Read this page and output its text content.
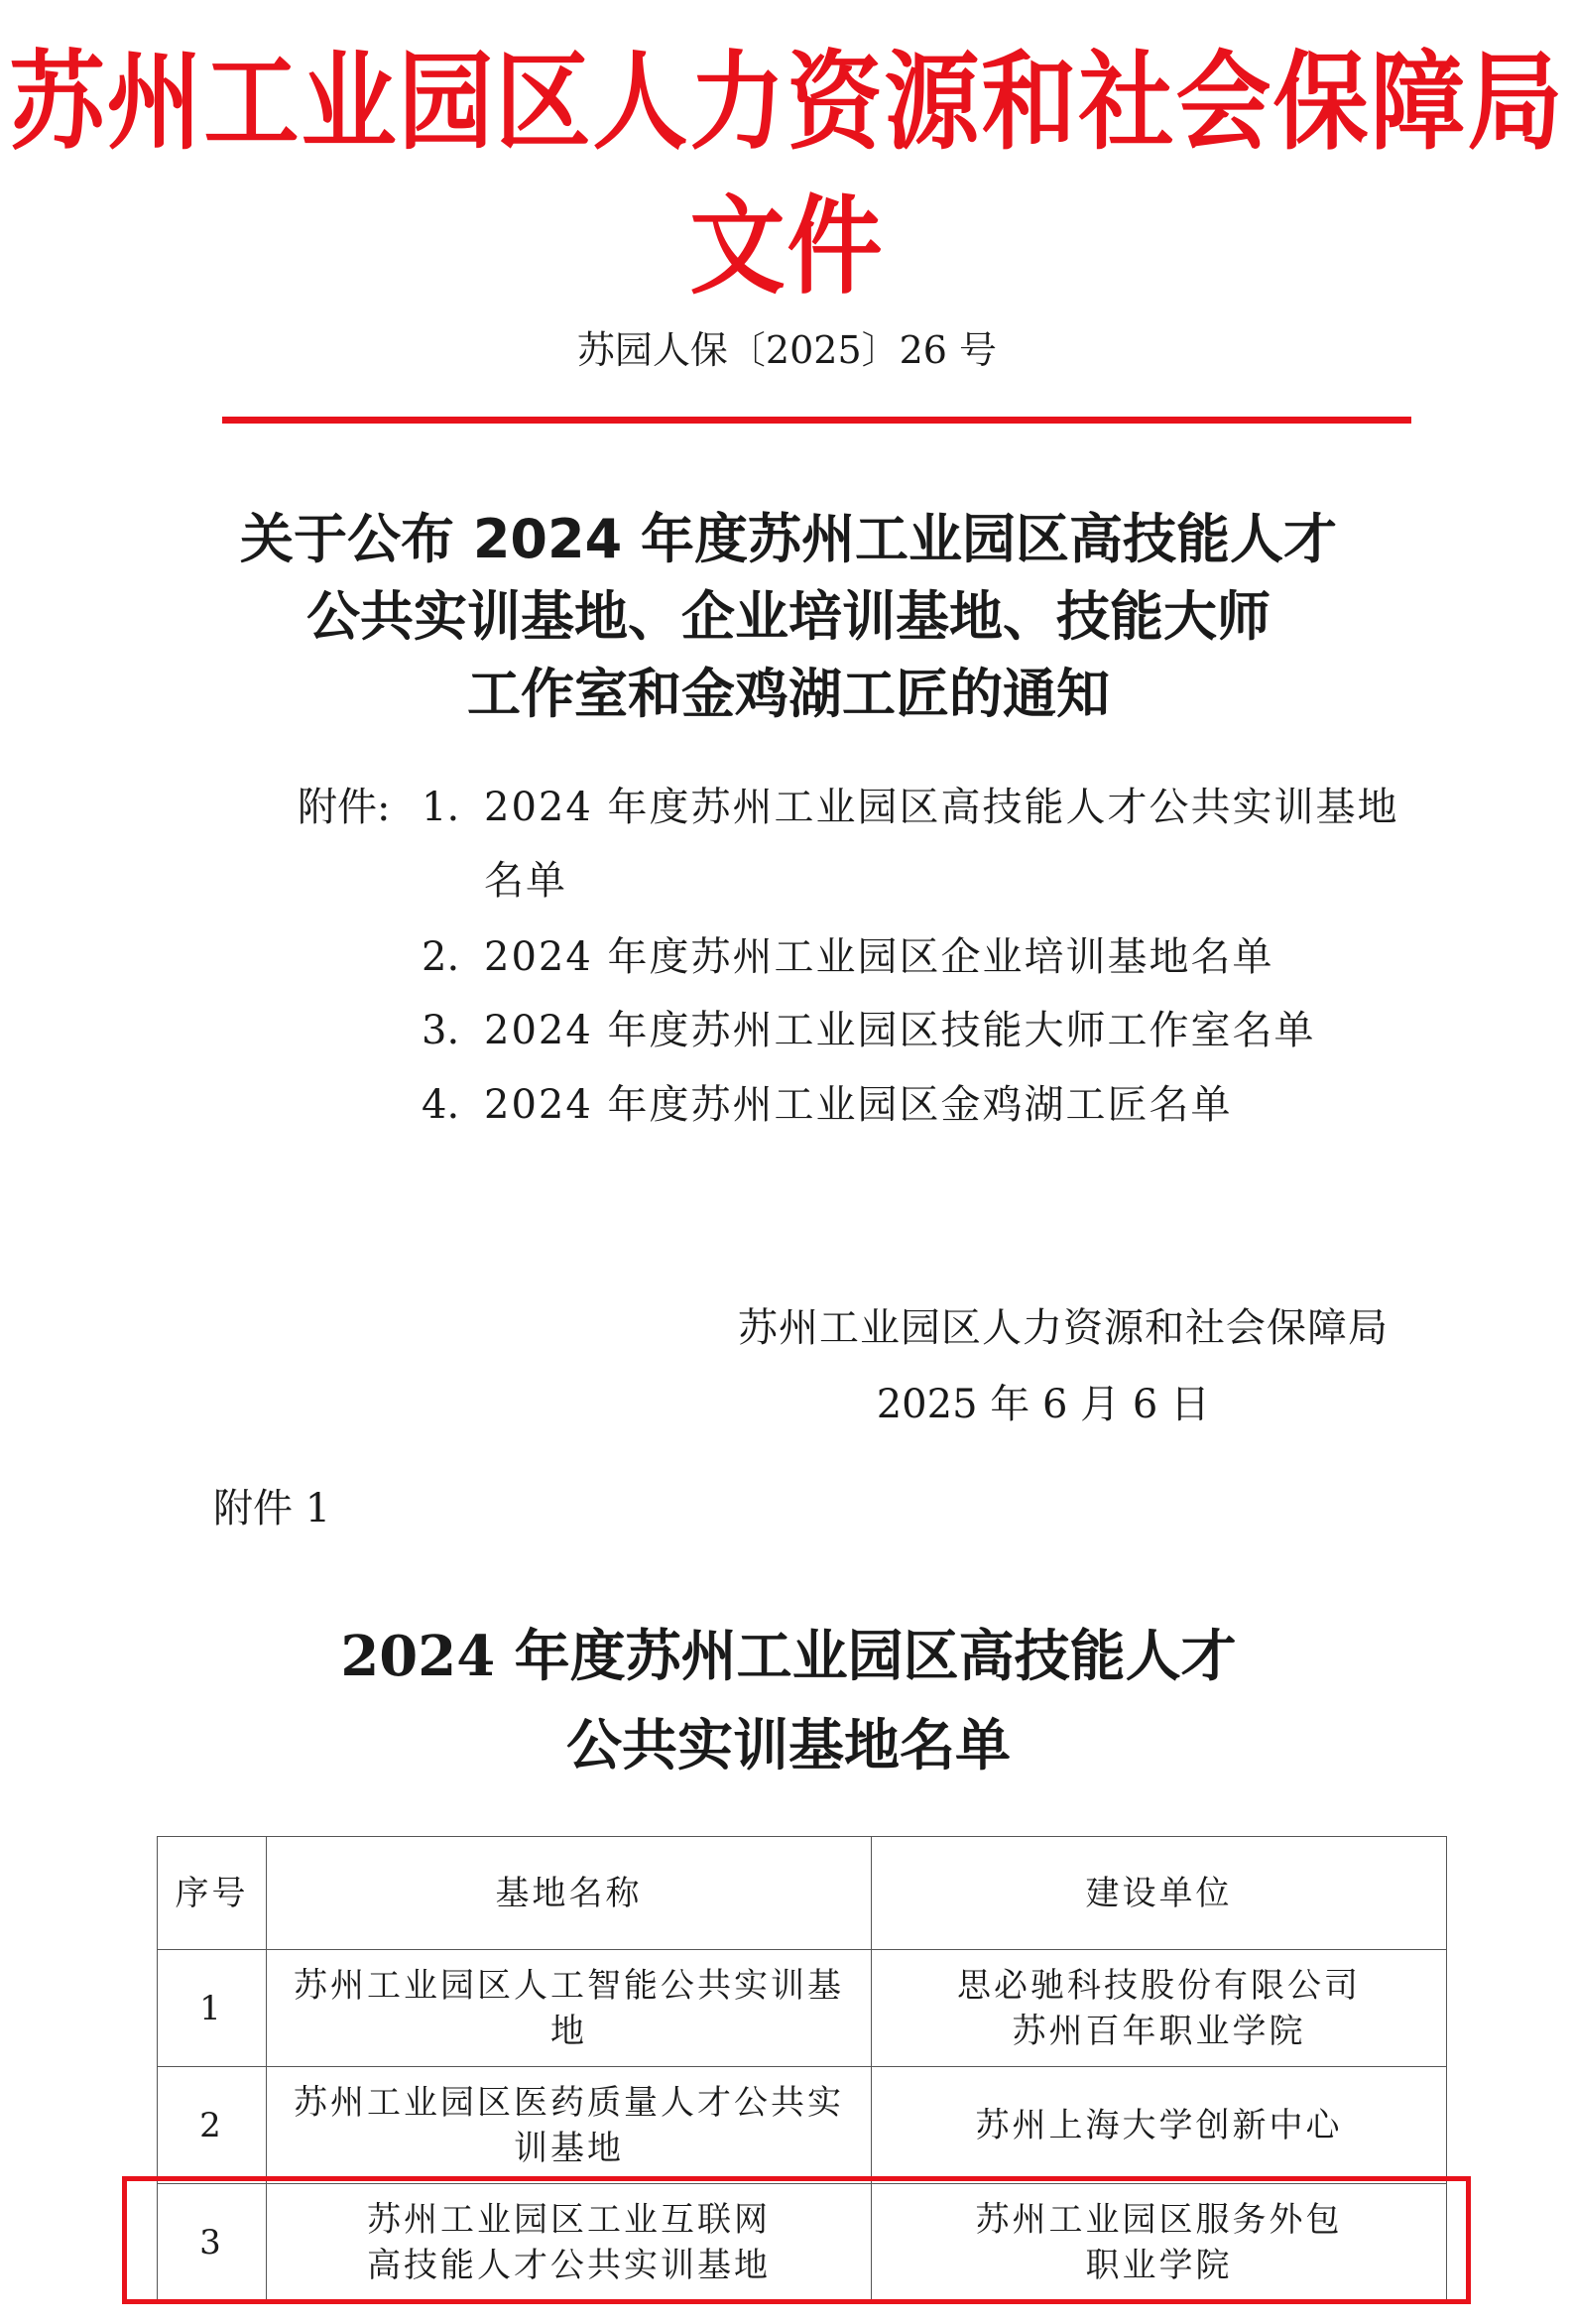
苏州工业园区人力资源和社会保障局文件
苏园人保〔2025〕26 号
关于公布 2024 年度苏州工业园区高技能人才
公共实训基地、企业培训基地、技能大师
工作室和金鸡湖工匠的通知
附件: 1. 2024 年度苏州工业园区高技能人才公共实训基地
名单
2. 2024 年度苏州工业园区企业培训基地名单
3. 2024 年度苏州工业园区技能大师工作室名单
4. 2024 年度苏州工业园区金鸡湖工匠名单
苏州工业园区人力资源和社会保障局
2025 年 6 月 6 日
附件 1
2024 年度苏州工业园区高技能人才
公共实训基地名单
序号	基地名称	建设单位
1	苏州工业园区人工智能公共实训基地	思必驰科技股份有限公司
苏州百年职业学院
2	苏州工业园区医药质量人才公共实训基地	苏州上海大学创新中心
3	苏州工业园区工业互联网
高技能人才公共实训基地	苏州工业园区服务外包
职业学院
